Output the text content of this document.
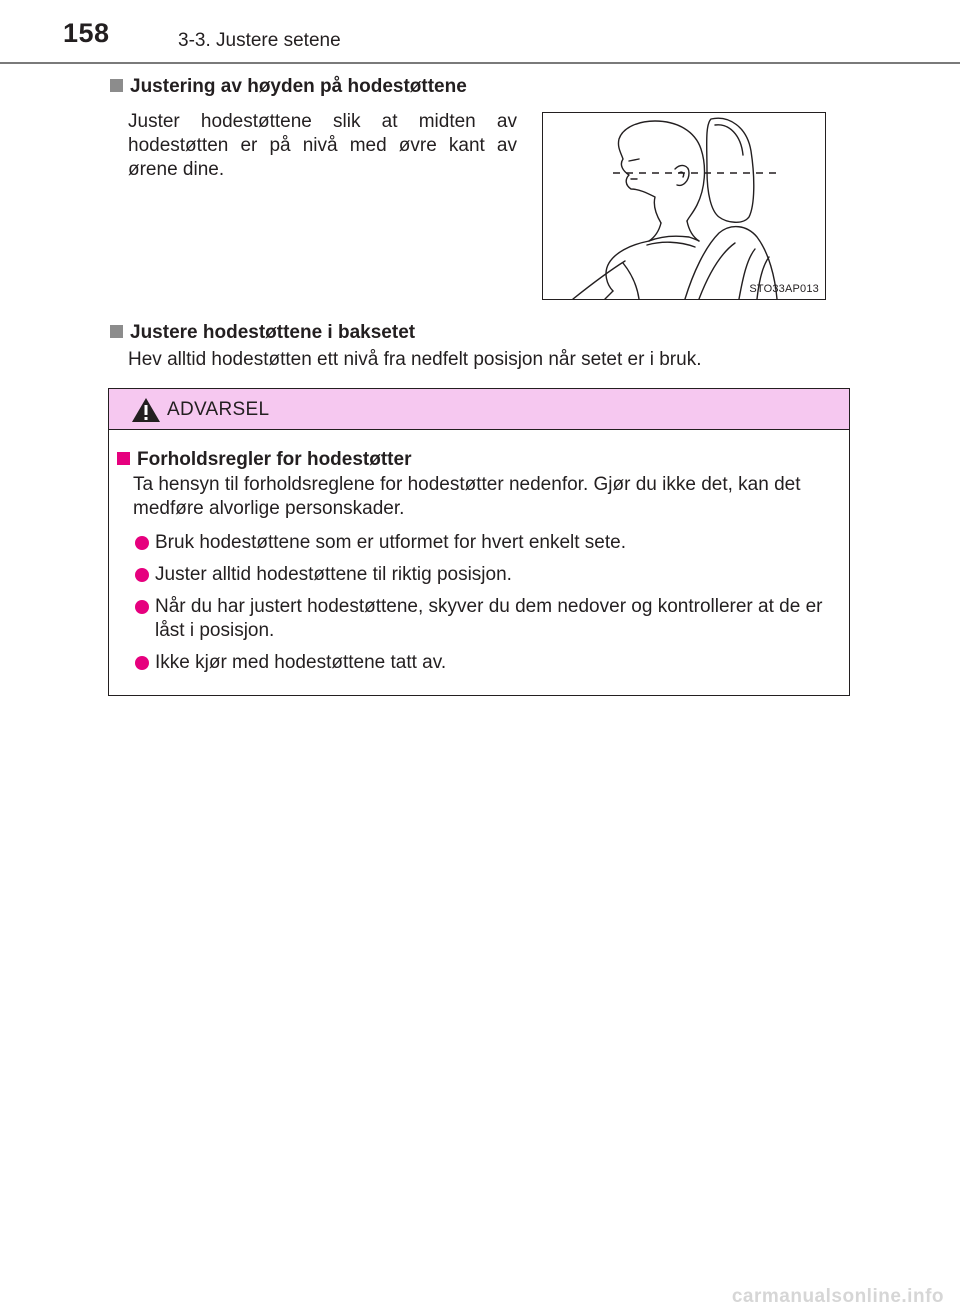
158	3-3. Justere setene
Justering av høyden på hodestøttene
Juster hodestøttene slik at midten av hodestøtten er på nivå med øvre kant av ørene dine.
STO33AP013
Justere hodestøttene i baksetet
Hev alltid hodestøtten ett nivå fra nedfelt posisjon når setet er i bruk.
ADVARSEL
Forholdsregler for hodestøtter
Ta hensyn til forholdsreglene for hodestøtter nedenfor. Gjør du ikke det, kan det medføre alvorlige personskader.
Bruk hodestøttene som er utformet for hvert enkelt sete.
Juster alltid hodestøttene til riktig posisjon.
Når du har justert hodestøttene, skyver du dem nedover og kontrollerer at de er låst i posisjon.
Ikke kjør med hodestøttene tatt av.
carmanualsonline.info
